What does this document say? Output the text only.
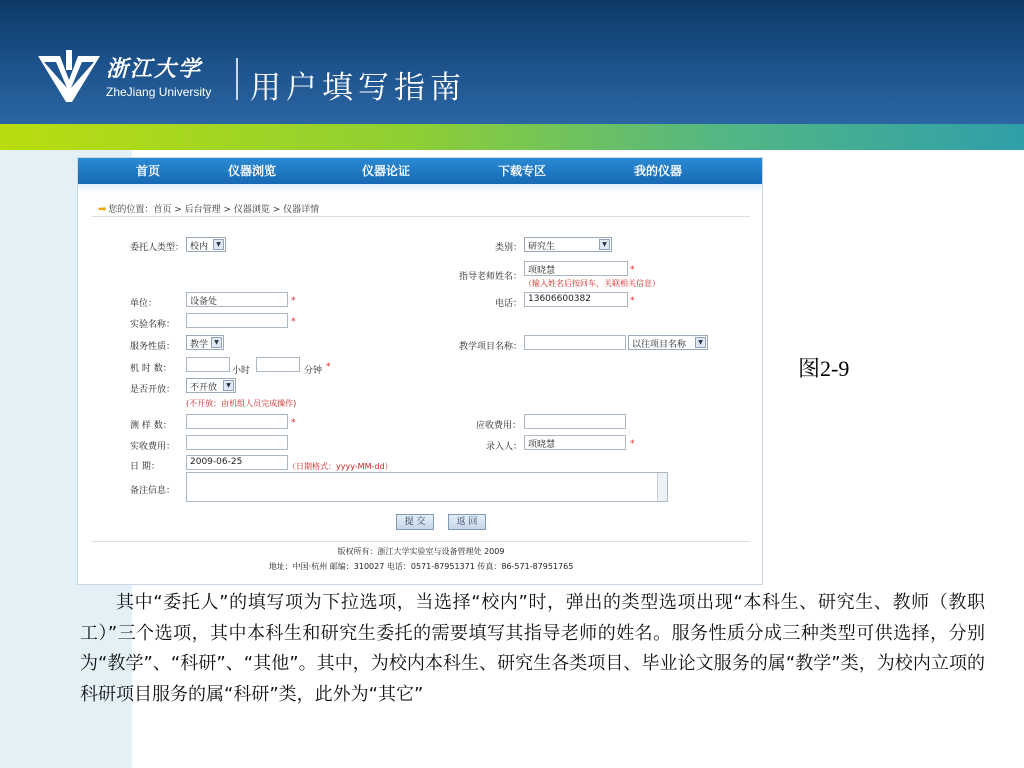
浙江大学
ZheJiang University 用户填写指南
首页	仪器浏览	仪器论证	下载专区	我的仪器
➡ 您的位置：首页 > 后台管理 > 仪器浏览 > 仪器详情
委托人类型： 校内	▼	类别： 研究生	▼
指导老师姓名：
项晓慧	*
（输入姓名后按回车，关联相关信息）
单位：	设备处	*	电话： 13606600382	*
实验名称：	*
服务性质：	教学	▼	教学项目名称：	以往项目名称	▼
机 时 数：	小时	分钟 *
是否开放：	不开放	▼
(不开放：由机组人员完成操作)
测 样 数：	*	应收费用：
实收费用：	录入人： 项晓慧	*
日 期：	2009-06-25	（日期格式：yyyy-MM-dd）
备注信息：
提 交	返 回
版权所有：浙江大学实验室与设备管理处 2009
地址：中国·杭州 邮编：310027 电话：0571-87951371 传真：86-571-87951765
图2-9
其中“委托人”的填写项为下拉选项，当选择“校内”时，弹出的类型选项出现“本科生、研究生、教师（教职工）”三个选项，其中本科生和研究生委托的需要填写其指导老师的姓名。服务性质分成三种类型可供选择，分别为“教学”、“科研”、“其他”。其中，为校内本科生、研究生各类项目、毕业论文服务的属“教学”类，为校内立项的科研项目服务的属“科研”类，此外为“其它”
